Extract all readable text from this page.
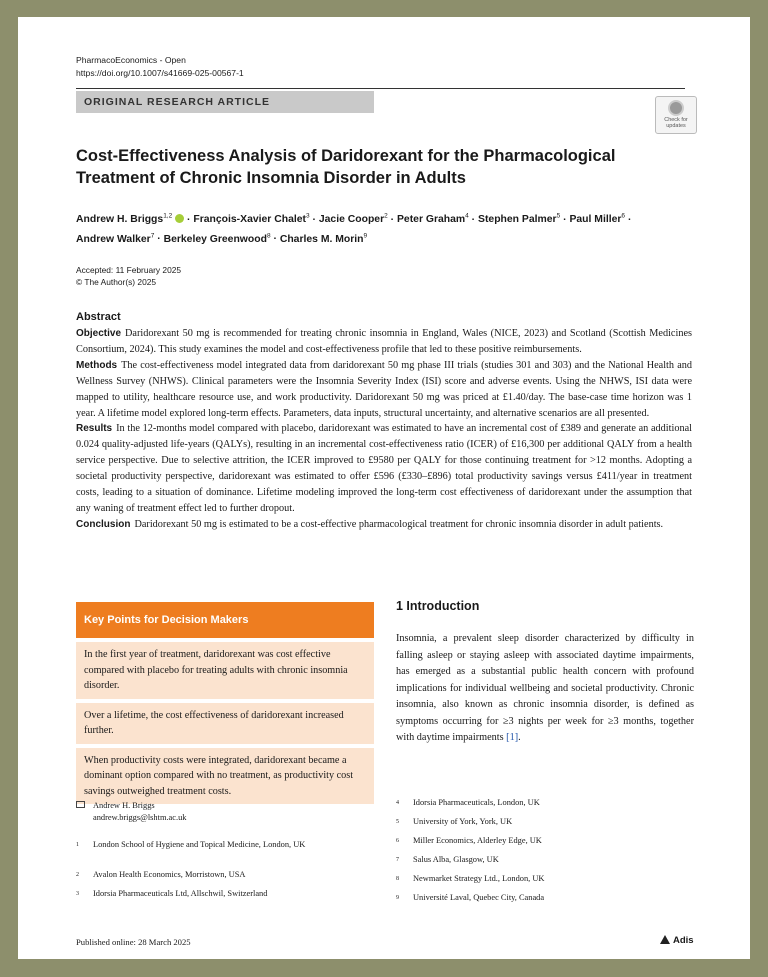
PharmacoEconomics - Open
https://doi.org/10.1007/s41669-025-00567-1
ORIGINAL RESEARCH ARTICLE
Check for
updates
Cost-Effectiveness Analysis of Daridorexant for the Pharmacological
Treatment of Chronic Insomnia Disorder in Adults
Andrew H. Briggs$^{1,2}$  · François-Xavier Chalet$^3$ · Jacie Cooper$^2$ · Peter Graham$^4$ · Stephen Palmer$^5$ · Paul Miller$^6$ ·
Andrew Walker$^7$ · Berkeley Greenwood$^8$ · Charles M. Morin$^9$
Accepted: 11 February 2025
© The Author(s) 2025
Abstract

Objective Daridorexant 50 mg is recommended for treating chronic insomnia in England, Wales (NICE, 2023) and Scotland (Scottish Medicines Consortium, 2024). This study examines the model and cost-effectiveness profile that led to these positive reimbursements.

Methods The cost-effectiveness model integrated data from daridorexant 50 mg phase III trials (studies 301 and 303) and the National Health and Wellness Survey (NHWS). Clinical parameters were the Insomnia Severity Index (ISI) score and adverse events. Using the NHWS, ISI data were mapped to utility, healthcare resource use, and work productivity. Daridorexant 50 mg was priced at £1.40/day. The base-case time horizon was 1 year. A lifetime model explored long-term effects. Parameters, data inputs, structural uncertainty, and alternative scenarios are all presented.

Results In the 12-months model compared with placebo, daridorexant was estimated to have an incremental cost of £389 and generate an additional 0.024 quality-adjusted life-years (QALYs), resulting in an incremental cost-effectiveness ratio (ICER) of £16,300 per additional QALY from a health service perspective. Due to selective attrition, the ICER improved to £9580 per QALY for those continuing treatment for >12 months. Adopting a societal productivity perspective, daridorexant was estimated to offer £596 (£330–£896) total productivity savings versus £411/year in treatment costs, leading to a situation of dominance. Lifetime modeling improved the long-term cost effectiveness of daridorexant under the assumption that any waning of treatment effect led to further dropout.

Conclusion Daridorexant 50 mg is estimated to be a cost-effective pharmacological treatment for chronic insomnia disorder in adult patients.

Key Points for Decision Makers
In the first year of treatment, daridorexant was cost effective compared with placebo for treating adults with chronic insomnia disorder.
Over a lifetime, the cost effectiveness of daridorexant increased further.
When productivity costs were integrated, daridorexant became a dominant option compared with no treatment, as productivity cost savings outweighed treatment costs.
1 Introduction
Insomnia, a prevalent sleep disorder characterized by difficulty in falling asleep or staying asleep with associated daytime impairments, has emerged as a substantial public health concern with profound implications for individual wellbeing and societal productivity. Chronic insomnia, also known as chronic insomnia disorder, is defined as symptoms occurring for ≥3 nights per week for ≥3 months, together with daytime impairments [1].
Andrew H. Briggs
andrew.briggs@lshtm.ac.uk
1 London School of Hygiene and Topical Medicine, London, UK
2 Avalon Health Economics, Morristown, USA
3 Idorsia Pharmaceuticals Ltd, Allschwil, Switzerland
4 Idorsia Pharmaceuticals, London, UK
5 University of York, York, UK
6 Miller Economics, Alderley Edge, UK
7 Salus Alba, Glasgow, UK
8 Newmarket Strategy Ltd., London, UK
9 Université Laval, Quebec City, Canada
Published online: 28 March 2025	Adis
